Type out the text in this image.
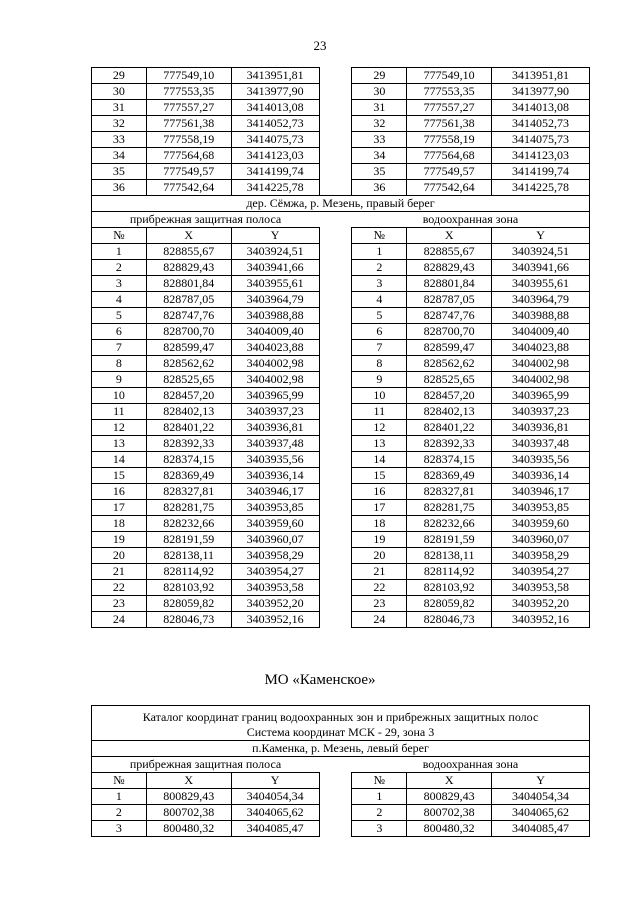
23
29	777549,10	3413951,81		29	777549,10	3413951,81
30	777553,35	3413977,90		30	777553,35	3413977,90
31	777557,27	3414013,08		31	777557,27	3414013,08
32	777561,38	3414052,73		32	777561,38	3414052,73
33	777558,19	3414075,73		33	777558,19	3414075,73
34	777564,68	3414123,03		34	777564,68	3414123,03
35	777549,57	3414199,74		35	777549,57	3414199,74
36	777542,64	3414225,78		36	777542,64	3414225,78
дер. Сёмжа, р. Мезень, правый берег						
прибрежная защитная полоса				водоохранная зона		
№	X	Y		№	X	Y
1	828855,67	3403924,51		1	828855,67	3403924,51
2	828829,43	3403941,66		2	828829,43	3403941,66
3	828801,84	3403955,61		3	828801,84	3403955,61
4	828787,05	3403964,79		4	828787,05	3403964,79
5	828747,76	3403988,88		5	828747,76	3403988,88
6	828700,70	3404009,40		6	828700,70	3404009,40
7	828599,47	3404023,88		7	828599,47	3404023,88
8	828562,62	3404002,98		8	828562,62	3404002,98
9	828525,65	3404002,98		9	828525,65	3404002,98
10	828457,20	3403965,99		10	828457,20	3403965,99
11	828402,13	3403937,23		11	828402,13	3403937,23
12	828401,22	3403936,81		12	828401,22	3403936,81
13	828392,33	3403937,48		13	828392,33	3403937,48
14	828374,15	3403935,56		14	828374,15	3403935,56
15	828369,49	3403936,14		15	828369,49	3403936,14
16	828327,81	3403946,17		16	828327,81	3403946,17
17	828281,75	3403953,85		17	828281,75	3403953,85
18	828232,66	3403959,60		18	828232,66	3403959,60
19	828191,59	3403960,07		19	828191,59	3403960,07
20	828138,11	3403958,29		20	828138,11	3403958,29
21	828114,92	3403954,27		21	828114,92	3403954,27
22	828103,92	3403953,58		22	828103,92	3403953,58
23	828059,82	3403952,20		23	828059,82	3403952,20
24	828046,73	3403952,16		24	828046,73	3403952,16
МО «Каменское»
Каталог координат границ водоохранных зон и прибрежных защитных полос
Система координат МСК - 29, зона 3						

п.Каменка, р. Мезень, левый берег						
прибрежная защитная полоса				водоохранная зона		
№	X	Y		№	X	Y
1	800829,43	3404054,34		1	800829,43	3404054,34
2	800702,38	3404065,62		2	800702,38	3404065,62
3	800480,32	3404085,47		3	800480,32	3404085,47
